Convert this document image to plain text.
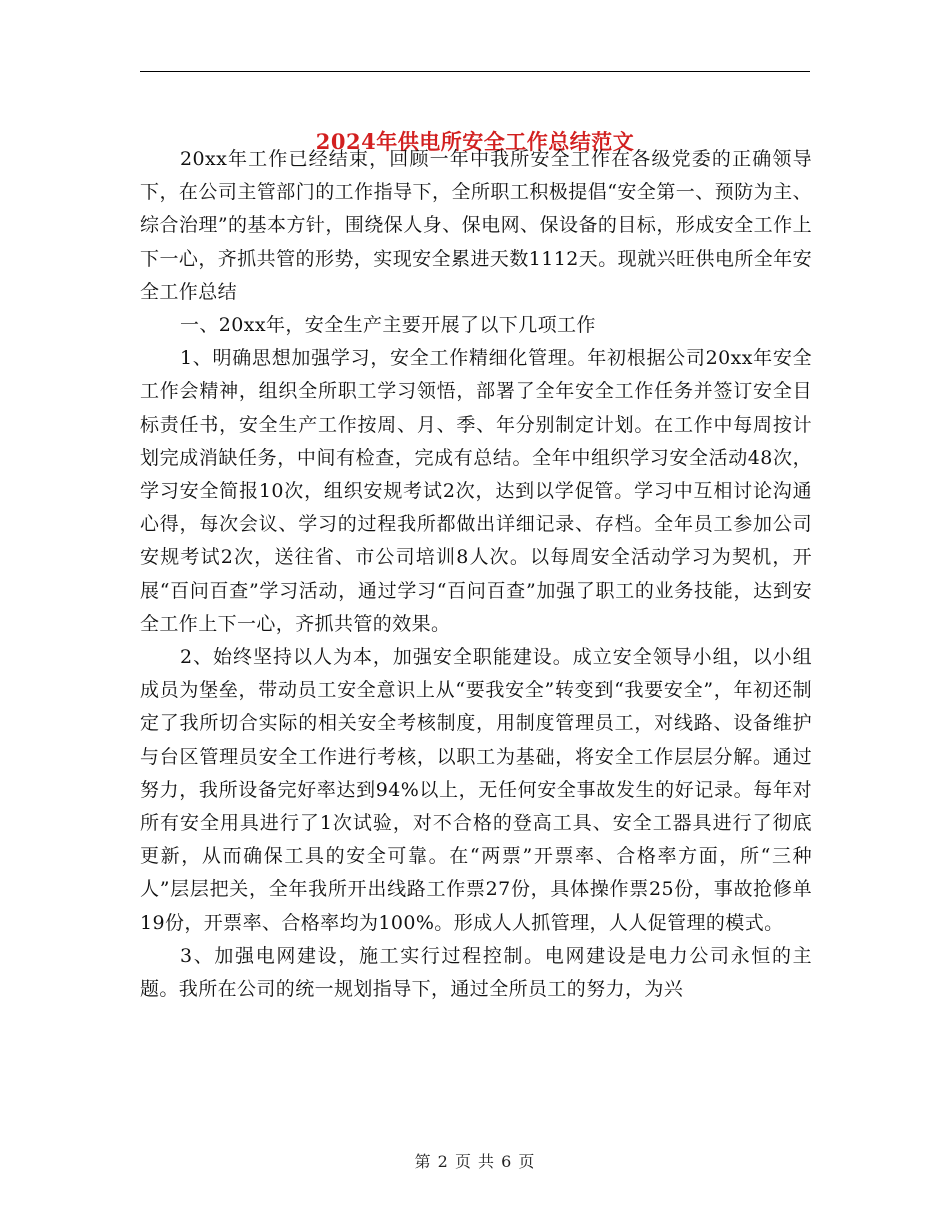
2024年供电所安全工作总结范文

20xx年工作已经结束，回顾一年中我所安全工作在各级党委的正确领导下，在公司主管部门的工作指导下，全所职工积极提倡“安全第一、预防为主、综合治理”的基本方针，围绕保人身、保电网、保设备的目标，形成安全工作上下一心，齐抓共管的形势，实现安全累进天数1112天。现就兴旺供电所全年安全工作总结

一、20xx年，安全生产主要开展了以下几项工作

1、明确思想加强学习，安全工作精细化管理。年初根据公司20xx年安全工作会精神，组织全所职工学习领悟，部署了全年安全工作任务并签订安全目标责任书，安全生产工作按周、月、季、年分别制定计划。在工作中每周按计划完成消缺任务，中间有检查，完成有总结。全年中组织学习安全活动48次，学习安全简报10次，组织安规考试2次，达到以学促管。学习中互相讨论沟通心得，每次会议、学习的过程我所都做出详细记录、存档。全年员工参加公司安规考试2次，送往省、市公司培训8人次。以每周安全活动学习为契机，开展“百问百查”学习活动，通过学习“百问百查”加强了职工的业务技能，达到安全工作上下一心，齐抓共管的效果。

2、始终坚持以人为本，加强安全职能建设。成立安全领导小组，以小组成员为堡垒，带动员工安全意识上从“要我安全”转变到“我要安全”，年初还制定了我所切合实际的相关安全考核制度，用制度管理员工，对线路、设备维护与台区管理员安全工作进行考核，以职工为基础，将安全工作层层分解。通过努力，我所设备完好率达到94%以上，无任何安全事故发生的好记录。每年对所有安全用具进行了1次试验，对不合格的登高工具、安全工器具进行了彻底更新，从而确保工具的安全可靠。在“两票”开票率、合格率方面，所“三种人”层层把关，全年我所开出线路工作票27份，具体操作票25份，事故抢修单19份，开票率、合格率均为100%。形成人人抓管理，人人促管理的模式。

3、加强电网建设，施工实行过程控制。电网建设是电力公司永恒的主题。我所在公司的统一规划指导下，通过全所员工的努力，为兴

第 2 页 共 6 页
